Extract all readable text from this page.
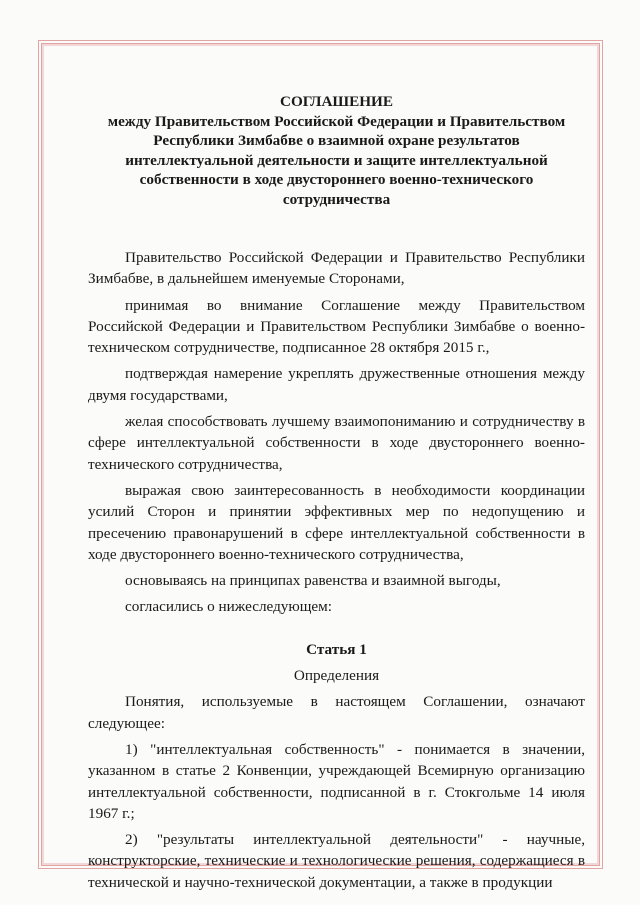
СОГЛАШЕНИЕ
между Правительством Российской Федерации и Правительством Республики Зимбабве о взаимной охране результатов интеллектуальной деятельности и защите интеллектуальной собственности в ходе двустороннего военно-технического сотрудничества

Правительство Российской Федерации и Правительство Республики Зимбабве, в дальнейшем именуемые Сторонами,

принимая во внимание Соглашение между Правительством Российской Федерации и Правительством Республики Зимбабве о военно-техническом сотрудничестве, подписанное 28 октября 2015 г.,

подтверждая намерение укреплять дружественные отношения между двумя государствами,

желая способствовать лучшему взаимопониманию и сотрудничеству в сфере интеллектуальной собственности в ходе двустороннего военно-технического сотрудничества,

выражая свою заинтересованность в необходимости координации усилий Сторон и принятии эффективных мер по недопущению и пресечению правонарушений в сфере интеллектуальной собственности в ходе двустороннего военно-технического сотрудничества,

основываясь на принципах равенства и взаимной выгоды,

согласились о нижеследующем:

Статья 1

Определения

Понятия, используемые в настоящем Соглашении, означают следующее:

1) "интеллектуальная собственность" - понимается в значении, указанном в статье 2 Конвенции, учреждающей Всемирную организацию интеллектуальной собственности, подписанной в г. Стокгольме 14 июля 1967 г.;

2) "результаты интеллектуальной деятельности" - научные, конструкторские, технические и технологические решения, содержащиеся в технической и научно-технической документации, а также в продукции
